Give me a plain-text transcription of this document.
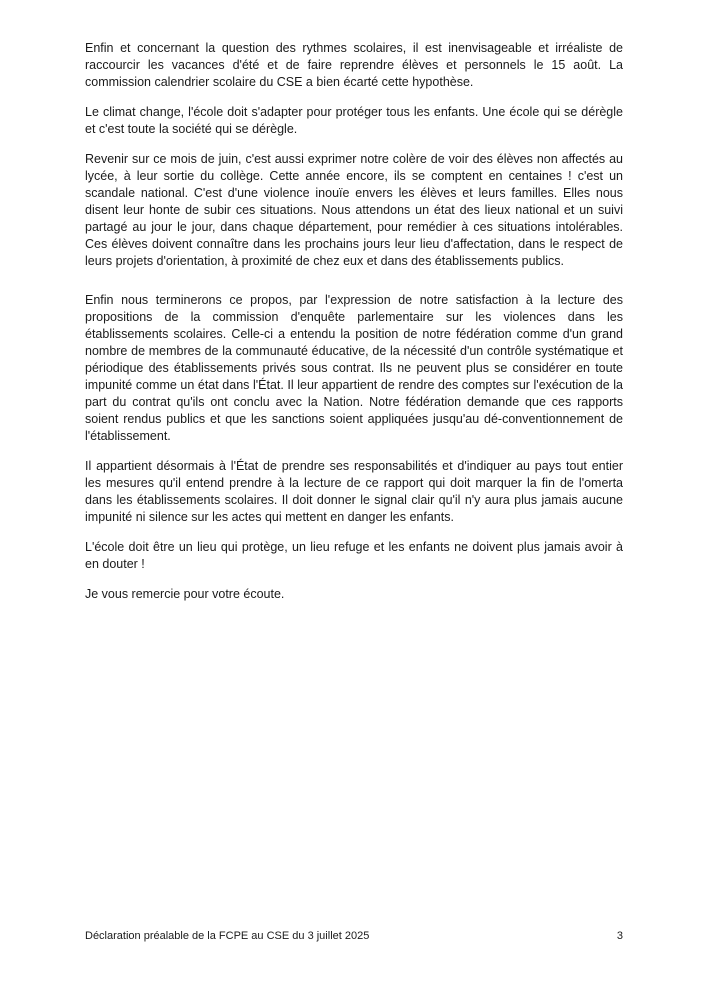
Enfin et concernant la question des rythmes scolaires, il est inenvisageable et irréaliste de raccourcir les vacances d'été et de faire reprendre élèves et personnels le 15 août. La commission calendrier scolaire du CSE a bien écarté cette hypothèse.

Le climat change, l'école doit s'adapter pour protéger tous les enfants. Une école qui se dérègle et c'est toute la société qui se dérègle.

Revenir sur ce mois de juin, c'est aussi exprimer notre colère de voir des élèves non affectés au lycée, à leur sortie du collège. Cette année encore, ils se comptent en centaines ! c'est un scandale national. C'est d'une violence inouïe envers les élèves et leurs familles. Elles nous disent leur honte de subir ces situations. Nous attendons un état des lieux national et un suivi partagé au jour le jour, dans chaque département, pour remédier à ces situations intolérables. Ces élèves doivent connaître dans les prochains jours leur lieu d'affectation, dans le respect de leurs projets d'orientation, à proximité de chez eux et dans des établissements publics.

Enfin nous terminerons ce propos, par l'expression de notre satisfaction à la lecture des propositions de la commission d'enquête parlementaire sur les violences dans les établissements scolaires. Celle-ci a entendu la position de notre fédération comme d'un grand nombre de membres de la communauté éducative, de la nécessité d'un contrôle systématique et périodique des établissements privés sous contrat. Ils ne peuvent plus se considérer en toute impunité comme un état dans l'État. Il leur appartient de rendre des comptes sur l'exécution de la part du contrat qu'ils ont conclu avec la Nation. Notre fédération demande que ces rapports soient rendus publics et que les sanctions soient appliquées jusqu'au dé-conventionnement de l'établissement.

Il appartient désormais à l'État de prendre ses responsabilités et d'indiquer au pays tout entier les mesures qu'il entend prendre à la lecture de ce rapport qui doit marquer la fin de l'omerta dans les établissements scolaires. Il doit donner le signal clair qu'il n'y aura plus jamais aucune impunité ni silence sur les actes qui mettent en danger les enfants.

L'école doit être un lieu qui protège, un lieu refuge et les enfants ne doivent plus jamais avoir à en douter !

Je vous remercie pour votre écoute.

Déclaration préalable de la FCPE au CSE du 3 juillet 2025	3
